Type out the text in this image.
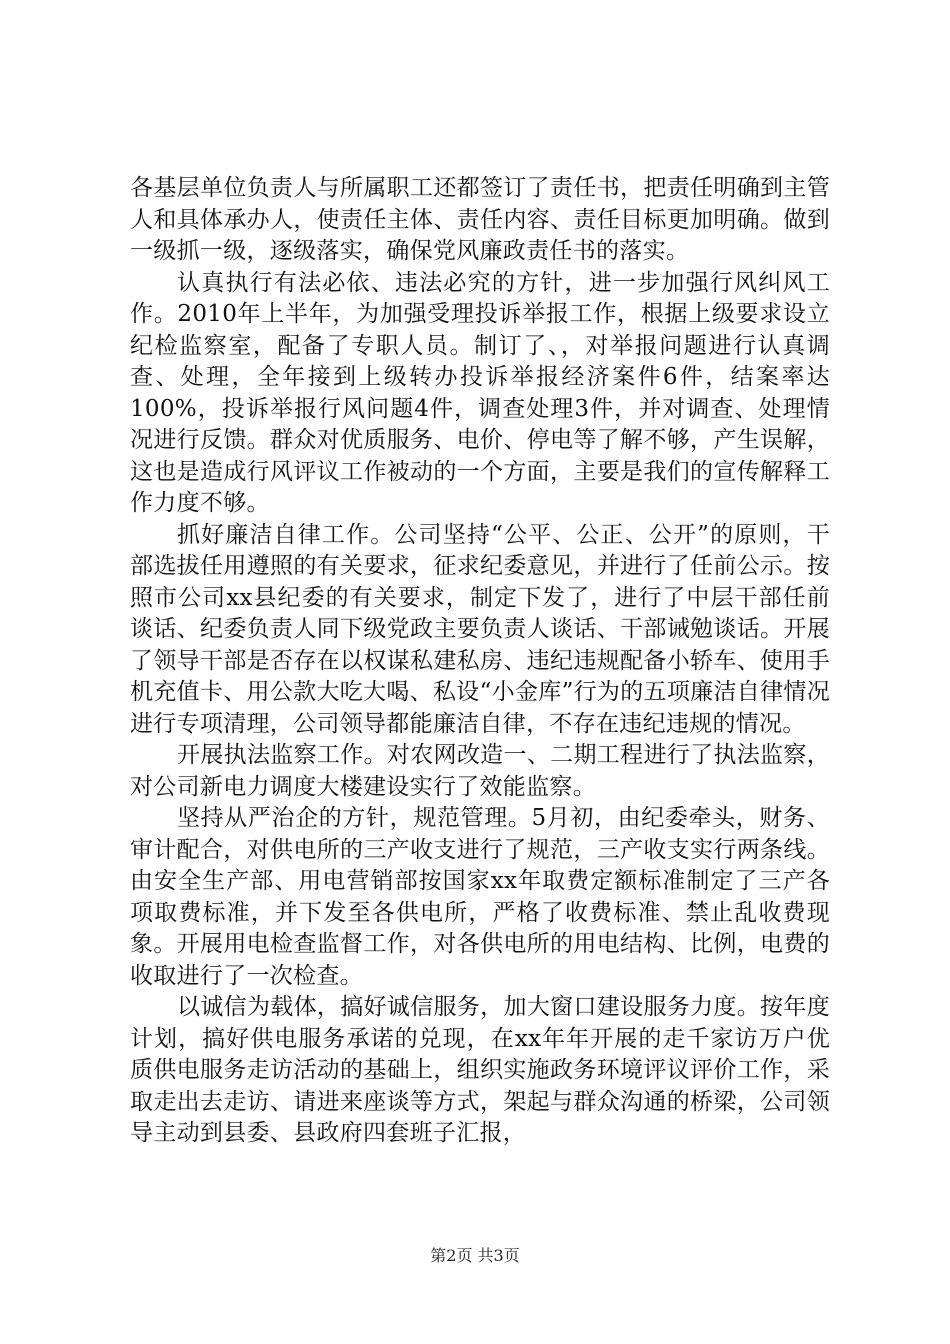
各基层单位负责人与所属职工还都签订了责任书，把责任明确到主管人和具体承办人，使责任主体、责任内容、责任目标更加明确。做到一级抓一级，逐级落实，确保党风廉政责任书的落实。

认真执行有法必依、违法必究的方针，进一步加强行风纠风工作。2010年上半年，为加强受理投诉举报工作，根据上级要求设立纪检监察室，配备了专职人员。制订了、，对举报问题进行认真调查、处理，全年接到上级转办投诉举报经济案件6件，结案率达100%，投诉举报行风问题4件，调查处理3件，并对调查、处理情况进行反馈。群众对优质服务、电价、停电等了解不够，产生误解，这也是造成行风评议工作被动的一个方面，主要是我们的宣传解释工作力度不够。

抓好廉洁自律工作。公司坚持“公平、公正、公开”的原则，干部选拔任用遵照的有关要求，征求纪委意见，并进行了任前公示。按照市公司xx县纪委的有关要求，制定下发了，进行了中层干部任前谈话、纪委负责人同下级党政主要负责人谈话、干部诫勉谈话。开展了领导干部是否存在以权谋私建私房、违纪违规配备小轿车、使用手机充值卡、用公款大吃大喝、私设“小金库”行为的五项廉洁自律情况进行专项清理，公司领导都能廉洁自律，不存在违纪违规的情况。

开展执法监察工作。对农网改造一、二期工程进行了执法监察，对公司新电力调度大楼建设实行了效能监察。

坚持从严治企的方针，规范管理。5月初，由纪委牵头，财务、审计配合，对供电所的三产收支进行了规范，三产收支实行两条线。由安全生产部、用电营销部按国家xx年取费定额标准制定了三产各项取费标准，并下发至各供电所，严格了收费标准、禁止乱收费现象。开展用电检查监督工作，对各供电所的用电结构、比例，电费的收取进行了一次检查。

以诚信为载体，搞好诚信服务，加大窗口建设服务力度。按年度计划，搞好供电服务承诺的兑现，在xx年年开展的走千家访万户优质供电服务走访活动的基础上，组织实施政务环境评议评价工作，采取走出去走访、请进来座谈等方式，架起与群众沟通的桥梁，公司领导主动到县委、县政府四套班子汇报，

第2页 共3页
